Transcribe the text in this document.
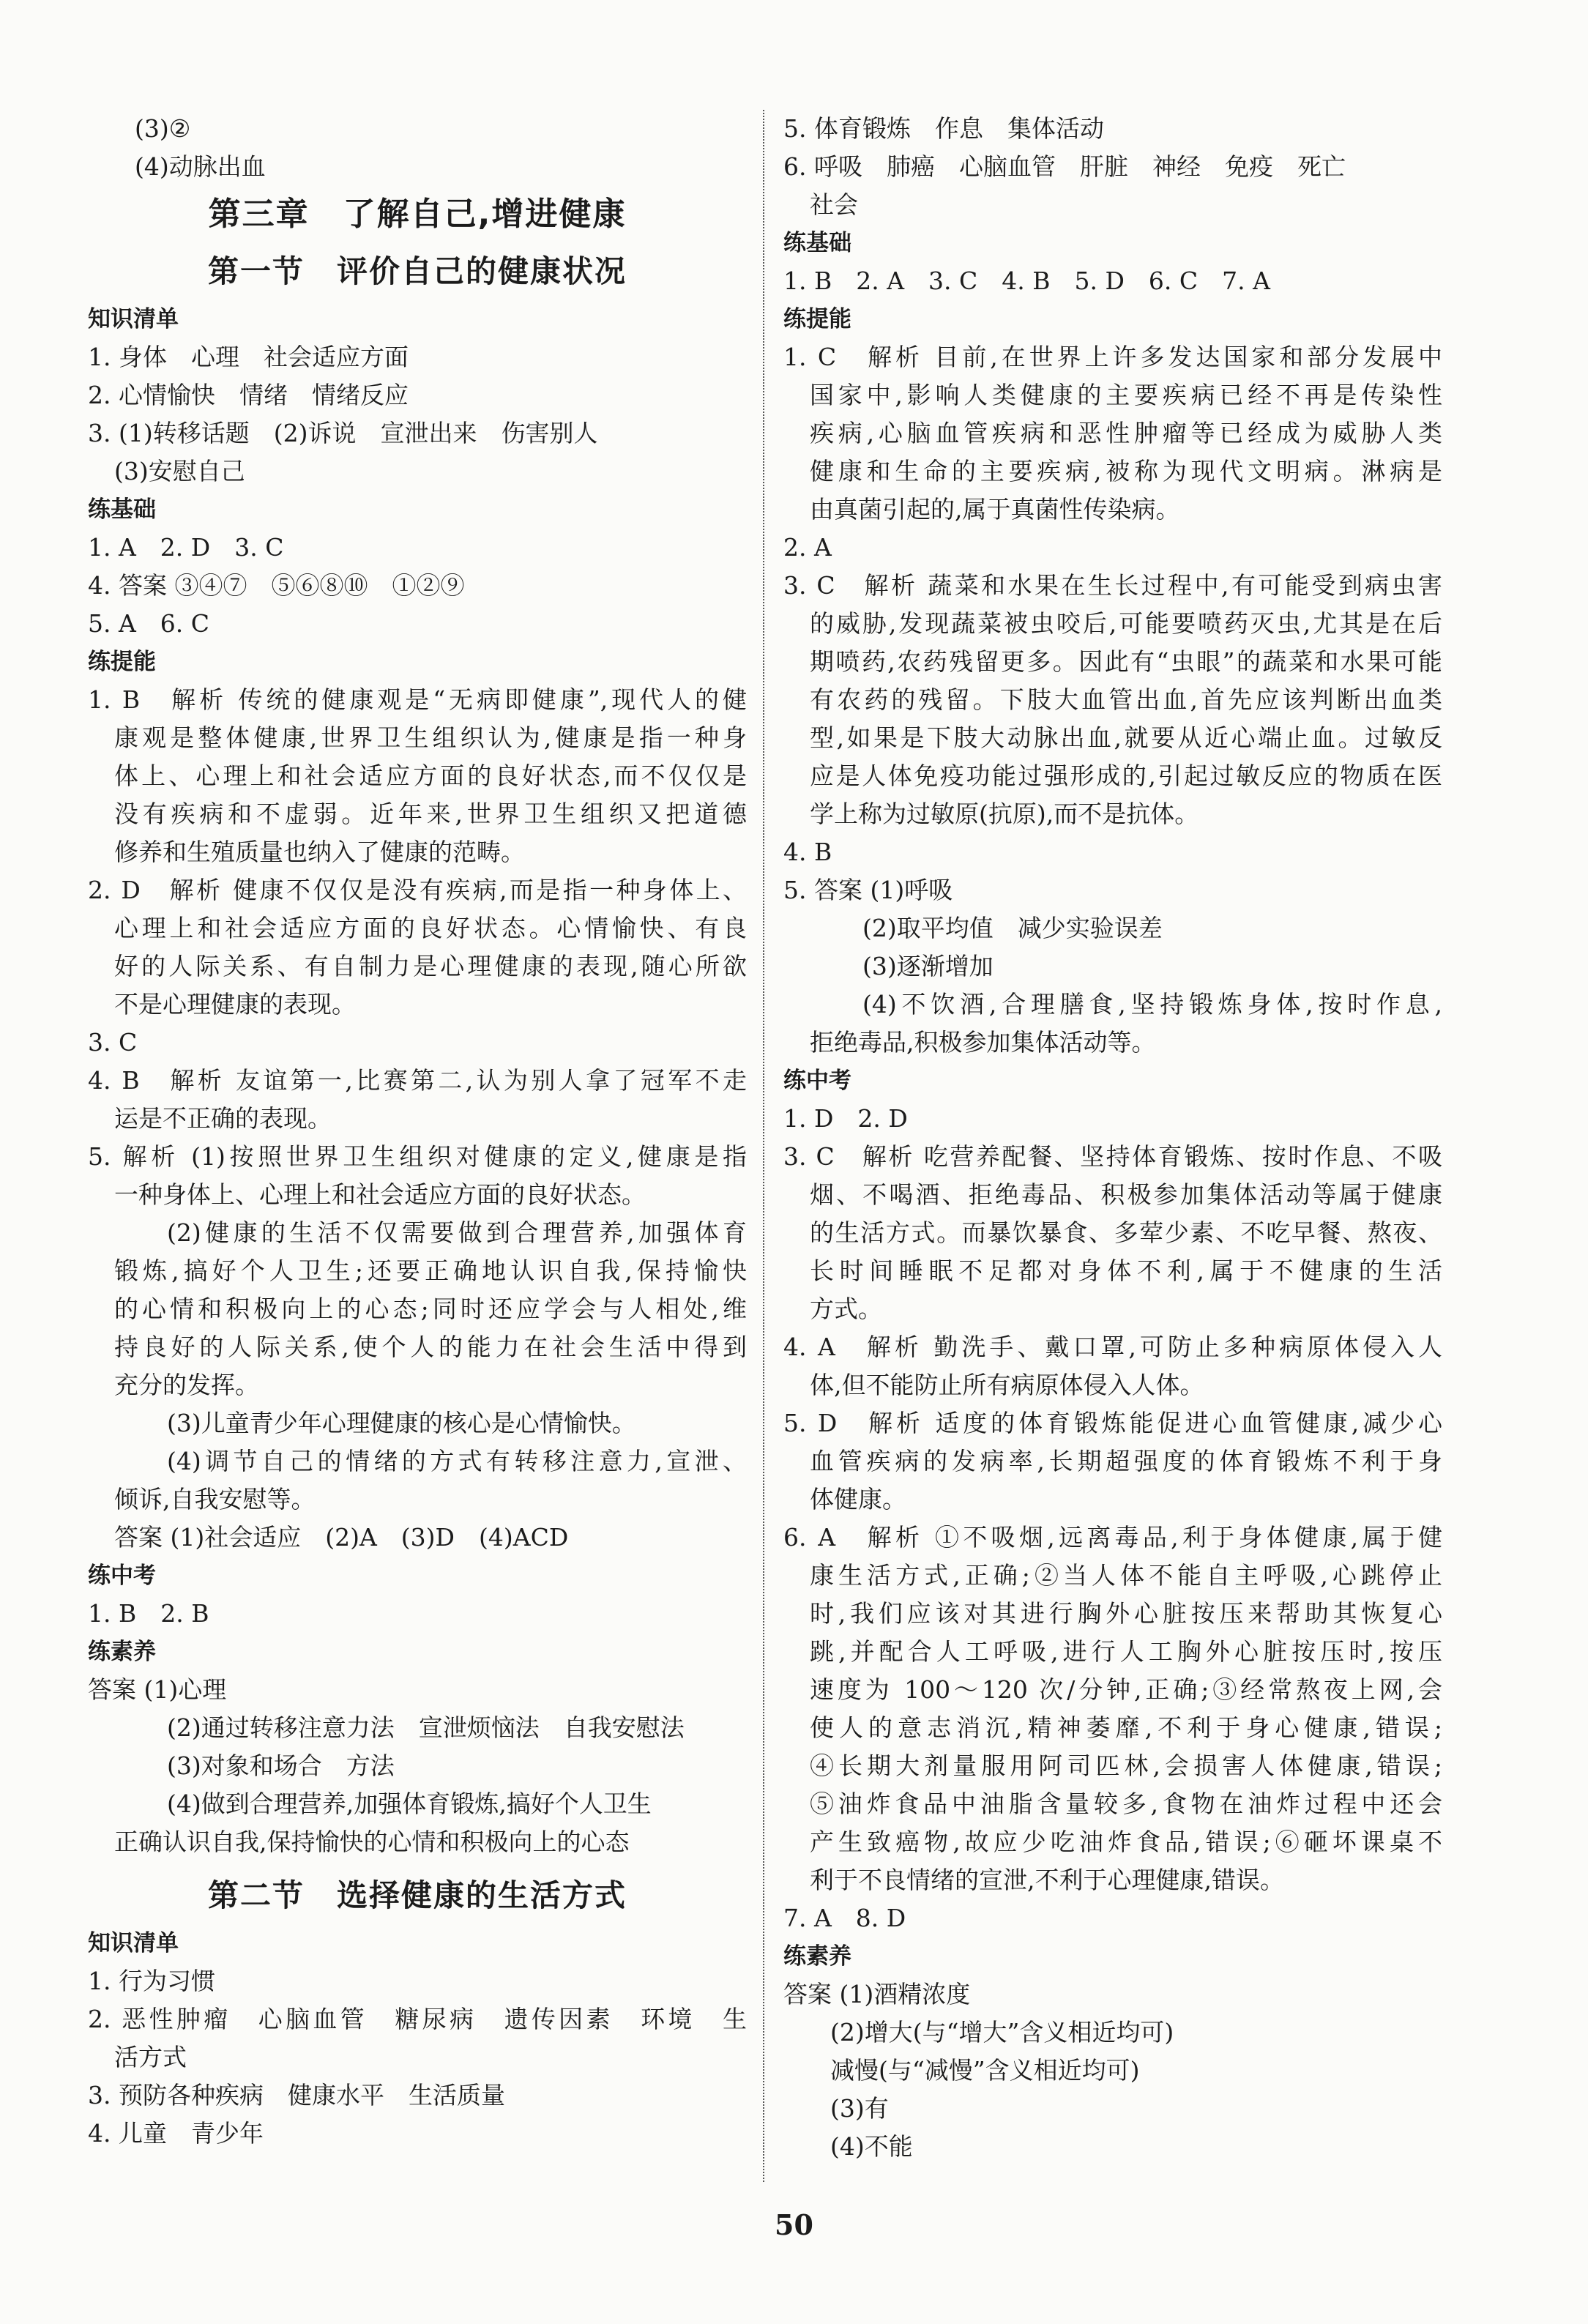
(3)②
(4)动脉出血
第三章　了解自己,增进健康
第一节　评价自己的健康状况
知识清单
1. 身体　心理　社会适应方面
2. 心情愉快　情绪　情绪反应
3. (1)转移话题　(2)诉说　宣泄出来　伤害别人
(3)安慰自己
练基础
1. A　2. D　3. C
4. 答案 ③④⑦　⑤⑥⑧⑩　①②⑨
5. A　6. C
练提能
1. B　解析 传统的健康观是“无病即健康”,现代人的健
康观是整体健康,世界卫生组织认为,健康是指一种身
体上、心理上和社会适应方面的良好状态,而不仅仅是
没有疾病和不虚弱。近年来,世界卫生组织又把道德
修养和生殖质量也纳入了健康的范畴。
2. D　解析 健康不仅仅是没有疾病,而是指一种身体上、
心理上和社会适应方面的良好状态。心情愉快、有良
好的人际关系、有自制力是心理健康的表现,随心所欲
不是心理健康的表现。
3. C
4. B　解析 友谊第一,比赛第二,认为别人拿了冠军不走
运是不正确的表现。
5. 解析 (1)按照世界卫生组织对健康的定义,健康是指
一种身体上、心理上和社会适应方面的良好状态。
(2)健康的生活不仅需要做到合理营养,加强体育
锻炼,搞好个人卫生;还要正确地认识自我,保持愉快
的心情和积极向上的心态;同时还应学会与人相处,维
持良好的人际关系,使个人的能力在社会生活中得到
充分的发挥。
(3)儿童青少年心理健康的核心是心情愉快。
(4)调节自己的情绪的方式有转移注意力,宣泄、
倾诉,自我安慰等。
答案 (1)社会适应　(2)A　(3)D　(4)ACD
练中考
1. B　2. B
练素养
答案 (1)心理
(2)通过转移注意力法　宣泄烦恼法　自我安慰法
(3)对象和场合　方法
(4)做到合理营养,加强体育锻炼,搞好个人卫生
正确认识自我,保持愉快的心情和积极向上的心态
第二节　选择健康的生活方式
知识清单
1. 行为习惯
2. 恶性肿瘤　心脑血管　糖尿病　遗传因素　环境　生
活方式
3. 预防各种疾病　健康水平　生活质量
4. 儿童　青少年
5. 体育锻炼　作息　集体活动
6. 呼吸　肺癌　心脑血管　肝脏　神经　免疫　死亡
社会
练基础
1. B　2. A　3. C　4. B　5. D　6. C　7. A
练提能
1. C　解析 目前,在世界上许多发达国家和部分发展中
国家中,影响人类健康的主要疾病已经不再是传染性
疾病,心脑血管疾病和恶性肿瘤等已经成为威胁人类
健康和生命的主要疾病,被称为现代文明病。淋病是
由真菌引起的,属于真菌性传染病。
2. A
3. C　解析 蔬菜和水果在生长过程中,有可能受到病虫害
的威胁,发现蔬菜被虫咬后,可能要喷药灭虫,尤其是在后
期喷药,农药残留更多。因此有“虫眼”的蔬菜和水果可能
有农药的残留。下肢大血管出血,首先应该判断出血类
型,如果是下肢大动脉出血,就要从近心端止血。过敏反
应是人体免疫功能过强形成的,引起过敏反应的物质在医
学上称为过敏原(抗原),而不是抗体。
4. B
5. 答案 (1)呼吸
(2)取平均值　减少实验误差
(3)逐渐增加
(4)不饮酒,合理膳食,坚持锻炼身体,按时作息,
拒绝毒品,积极参加集体活动等。
练中考
1. D　2. D
3. C　解析 吃营养配餐、坚持体育锻炼、按时作息、不吸
烟、不喝酒、拒绝毒品、积极参加集体活动等属于健康
的生活方式。而暴饮暴食、多荤少素、不吃早餐、熬夜、
长时间睡眠不足都对身体不利,属于不健康的生活
方式。
4. A　解析 勤洗手、戴口罩,可防止多种病原体侵入人
体,但不能防止所有病原体侵入人体。
5. D　解析 适度的体育锻炼能促进心血管健康,减少心
血管疾病的发病率,长期超强度的体育锻炼不利于身
体健康。
6. A　解析 ①不吸烟,远离毒品,利于身体健康,属于健
康生活方式,正确;②当人体不能自主呼吸,心跳停止
时,我们应该对其进行胸外心脏按压来帮助其恢复心
跳,并配合人工呼吸,进行人工胸外心脏按压时,按压
速度为 100～120 次/分钟,正确;③经常熬夜上网,会
使人的意志消沉,精神萎靡,不利于身心健康,错误;
④长期大剂量服用阿司匹林,会损害人体健康,错误;
⑤油炸食品中油脂含量较多,食物在油炸过程中还会
产生致癌物,故应少吃油炸食品,错误;⑥砸坏课桌不
利于不良情绪的宣泄,不利于心理健康,错误。
7. A　8. D
练素养
答案 (1)酒精浓度
(2)增大(与“增大”含义相近均可)
减慢(与“减慢”含义相近均可)
(3)有
(4)不能
50
